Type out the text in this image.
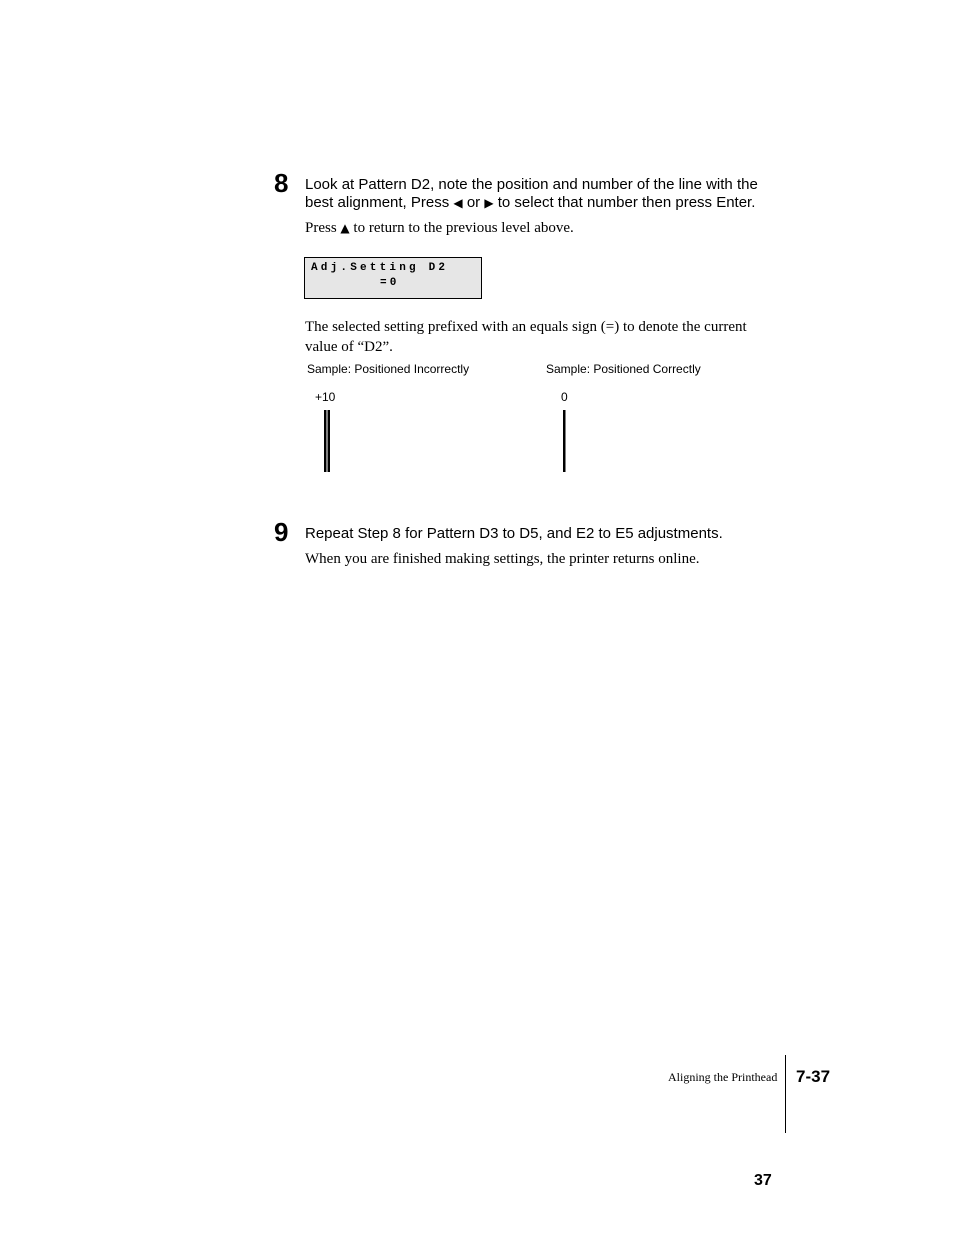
8 Look at Pattern D2, note the position and number of the line with the
best alignment, Press ◀ or ▶ to select that number then press Enter.
Press ▲ to return to the previous level above.
Adj.Setting D2
=0
The selected setting prefixed with an equals sign (=) to denote the current
value of “D2”.
Sample: Positioned Incorrectly	Sample: Positioned Correctly
+10	0
9 Repeat Step 8 for Pattern D3 to D5, and E2 to E5 adjustments.
When you are finished making settings, the printer returns online.
Aligning the Printhead 7-37
37
